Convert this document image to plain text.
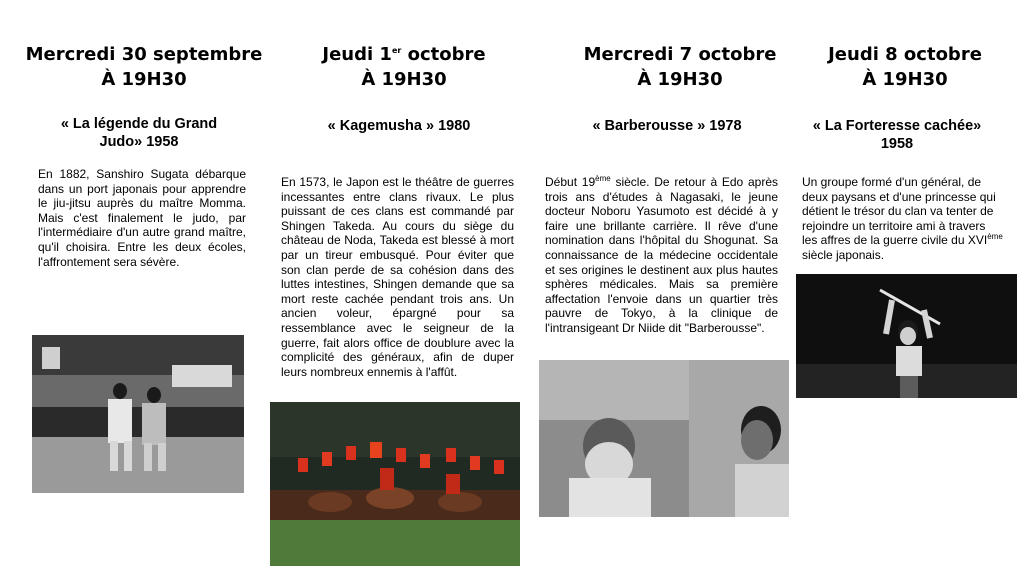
Mercredi 30 septembre
À 19H30
« La légende du Grand Judo» 1958
En 1882, Sanshiro Sugata débarque dans un port japonais pour apprendre le jiu-jitsu auprès du maître Momma. Mais c'est finalement le judo, par l'intermédiaire d'un autre grand maître, qu'il choisira. Entre les deux écoles, l'affrontement sera sévère.
Jeudi 1er octobre
À 19H30
« Kagemusha » 1980
En 1573, le Japon est le théâtre de guerres incessantes entre clans rivaux. Le plus puissant de ces clans est commandé par Shingen Takeda. Au cours du siège du château de Noda, Takeda est blessé à mort par un tireur embusqué. Pour éviter que son clan perde de sa cohésion dans des luttes intestines, Shingen demande que sa mort reste cachée pendant trois ans. Un ancien voleur, épargné pour sa ressemblance avec le seigneur de la guerre, fait alors office de doublure avec la complicité des généraux, afin de duper leurs nombreux ennemis à l'affût.
Mercredi 7 octobre
À 19H30
« Barberousse » 1978
Début 19ème siècle. De retour à Edo après trois ans d'études à Nagasaki, le jeune docteur Noboru Yasumoto est décidé à y faire une brillante carrière. Il rêve d'une nomination dans l'hôpital du Shogunat. Sa connaissance de la médecine occidentale et ses origines le destinent aux plus hautes sphères médicales. Mais sa première affectation l'envoie dans un quartier très pauvre de Tokyo, à la clinique de l'intransigeant Dr Niide dit "Barberousse".
Jeudi 8 octobre
À 19H30
« La Forteresse cachée» 1958
Un groupe formé d'un général, de deux paysans et d'une princesse qui détient le trésor du clan va tenter de rejoindre un territoire ami à travers les affres de la guerre civile du XVIème siècle japonais.
